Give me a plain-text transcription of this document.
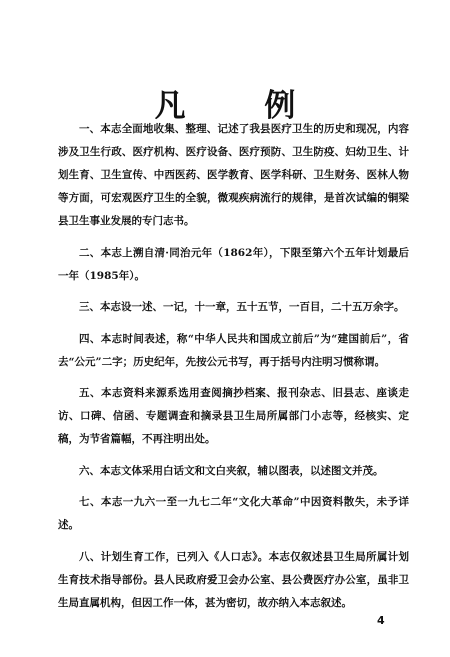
凡 例

一、本志全面地收集、整理、记述了我县医疗卫生的历史和现况，内容涉及卫生行政、医疗机构、医疗设备、医疗预防、卫生防疫、妇幼卫生、计划生育、卫生宣传、中西医药、医学教育、医学科研、卫生财务、医林人物等方面，可宏观医疗卫生的全貌，微观疾病流行的规律，是首次试编的铜梁县卫生事业发展的专门志书。

二、本志上溯自清·同治元年（1862年），下限至第六个五年计划最后一年（1985年）。

三、本志设一述、一记，十一章，五十五节，一百目，二十五万余字。

四、本志时间表述，称“中华人民共和国成立前后”为“建国前后”，省去“公元”二字；历史纪年，先按公元书写，再于括号内注明习惯称谓。

五、本志资料来源系选用查阅摘抄档案、报刊杂志、旧县志、座谈走访、口碑、信函、专题调查和摘录县卫生局所属部门小志等，经核实、定稿，为节省篇幅，不再注明出处。

六、本志文体采用白话文和文白夹叙，辅以图表，以述图文并茂。

七、本志一九六一至一九七二年“文化大革命”中因资料散失，未予详述。

八、计划生育工作，已列入《人口志》。本志仅叙述县卫生局所属计划生育技术指导部份。县人民政府爱卫会办公室、县公费医疗办公室，虽非卫生局直属机构，但因工作一体，甚为密切，故亦纳入本志叙述。

4
